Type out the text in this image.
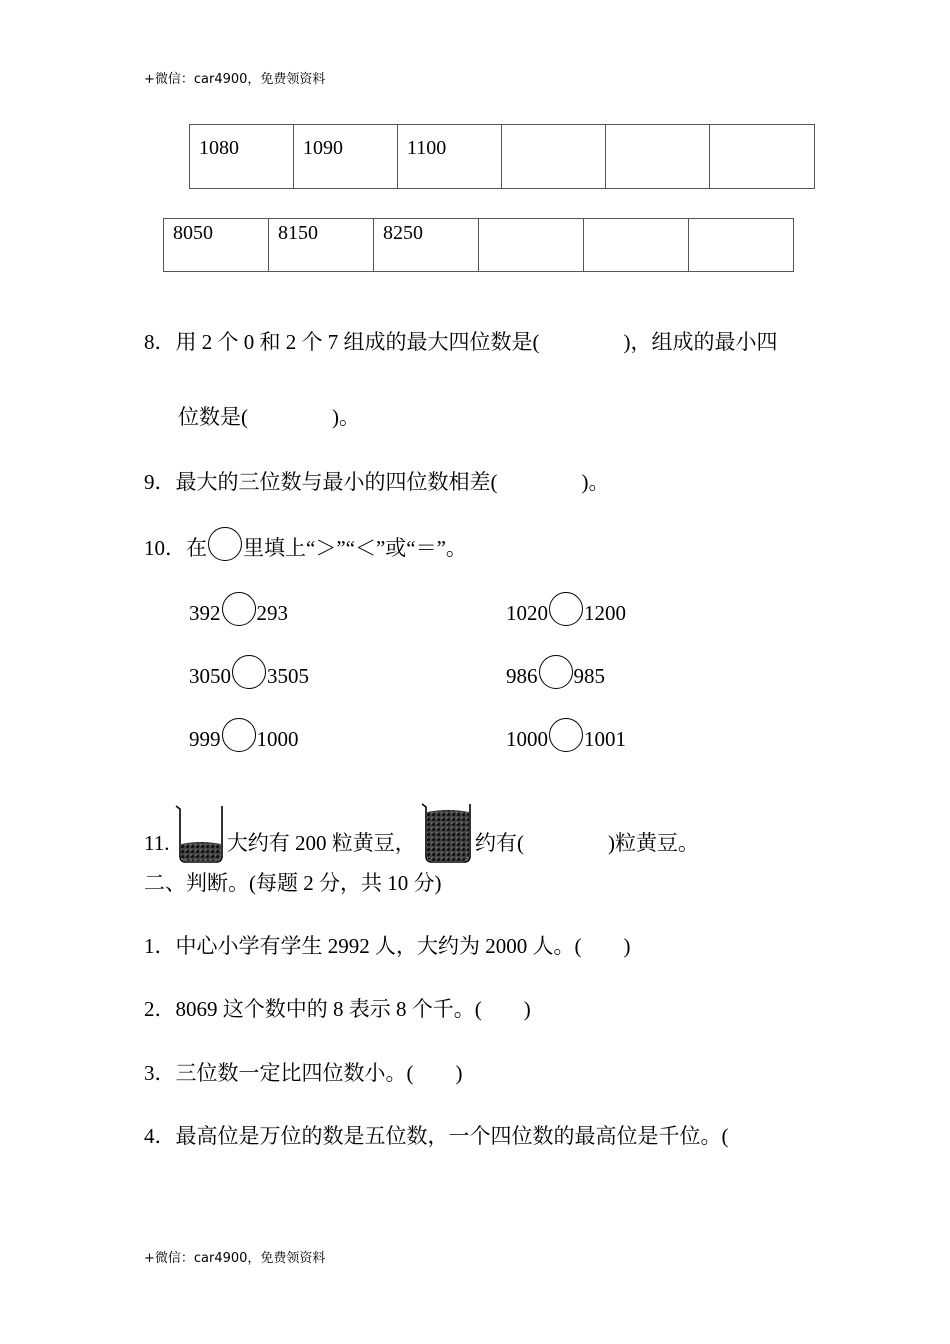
+微信：car4900，免费领资料
1080	1090	1100			
8050	8150	8250			
8．用 2 个 0 和 2 个 7 组成的最大四位数是(　　　　)，组成的最小四
位数是(　　　　)。
9．最大的三位数与最小的四位数相差(　　　　)。
10．在 里填上“＞”“＜”或“＝”。
392 293	1020 1200
3050 3505	986 985
999 1000	1000 1001
11.	大约有 200 粒黄豆，	约有(　　　　)粒黄豆。
二、判断。(每题 2 分，共 10 分)
1．中心小学有学生 2992 人，大约为 2000 人。(　　)
2．8069 这个数中的 8 表示 8 个千。(　　)
3．三位数一定比四位数小。(　　)
4．最高位是万位的数是五位数，一个四位数的最高位是千位。(
+微信：car4900，免费领资料
